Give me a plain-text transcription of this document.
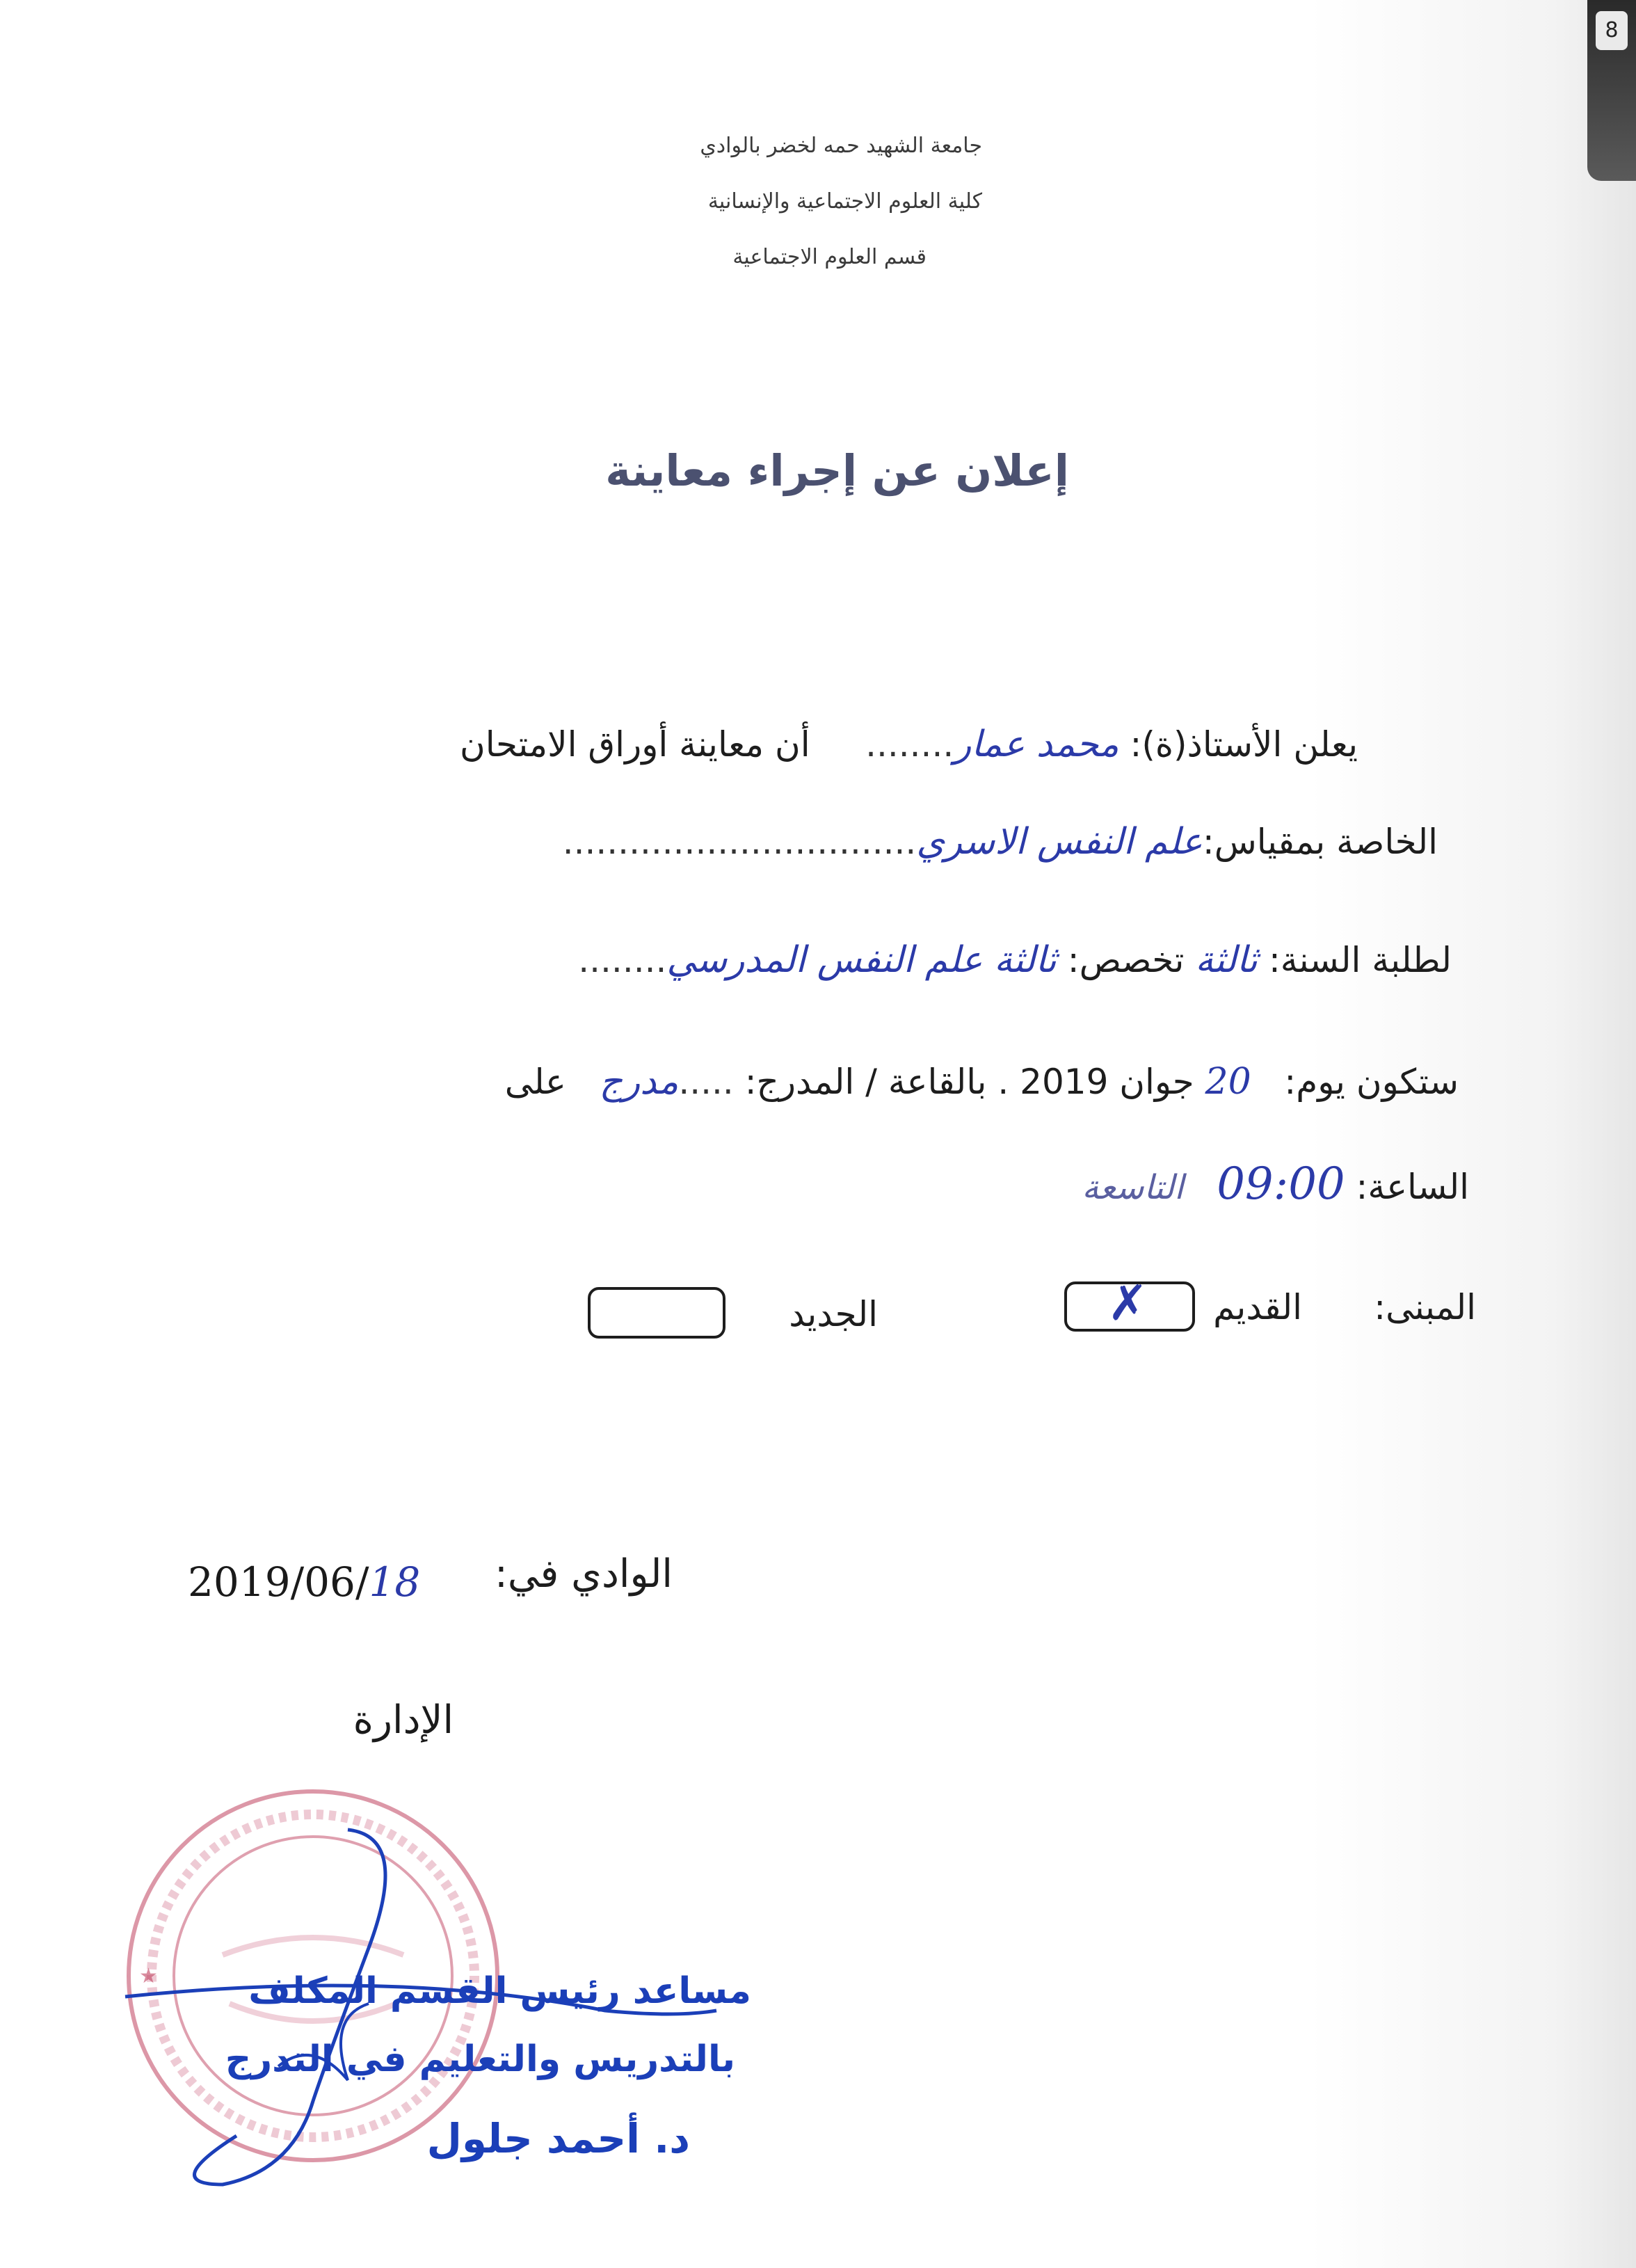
8
جامعة الشهيد حمه لخضر بالوادي
كلية العلوم الاجتماعية والإنسانية
قسم العلوم الاجتماعية
إعلان عن إجراء معاينة
يعلن الأستاذ(ة): محمد عمار........     أن معاينة أوراق الامتحان
الخاصة بمقياس:علم النفس الاسري................................
لطلبة السنة: ثالثة تخصص: ثالثة علم النفس المدرسي........
ستكون يوم:   20 جوان 2019 . بالقاعة / المدرج: .....مدرج   على
الساعة: 09:00   التاسعة
المبنى:
القديم
✗
الجديد
الوادي في:
2019/06/18
الإدارة
★	مساعد رئيس القسم المكلف
بالتدريس والتعليم في التدرج
د. أحمد جلول
